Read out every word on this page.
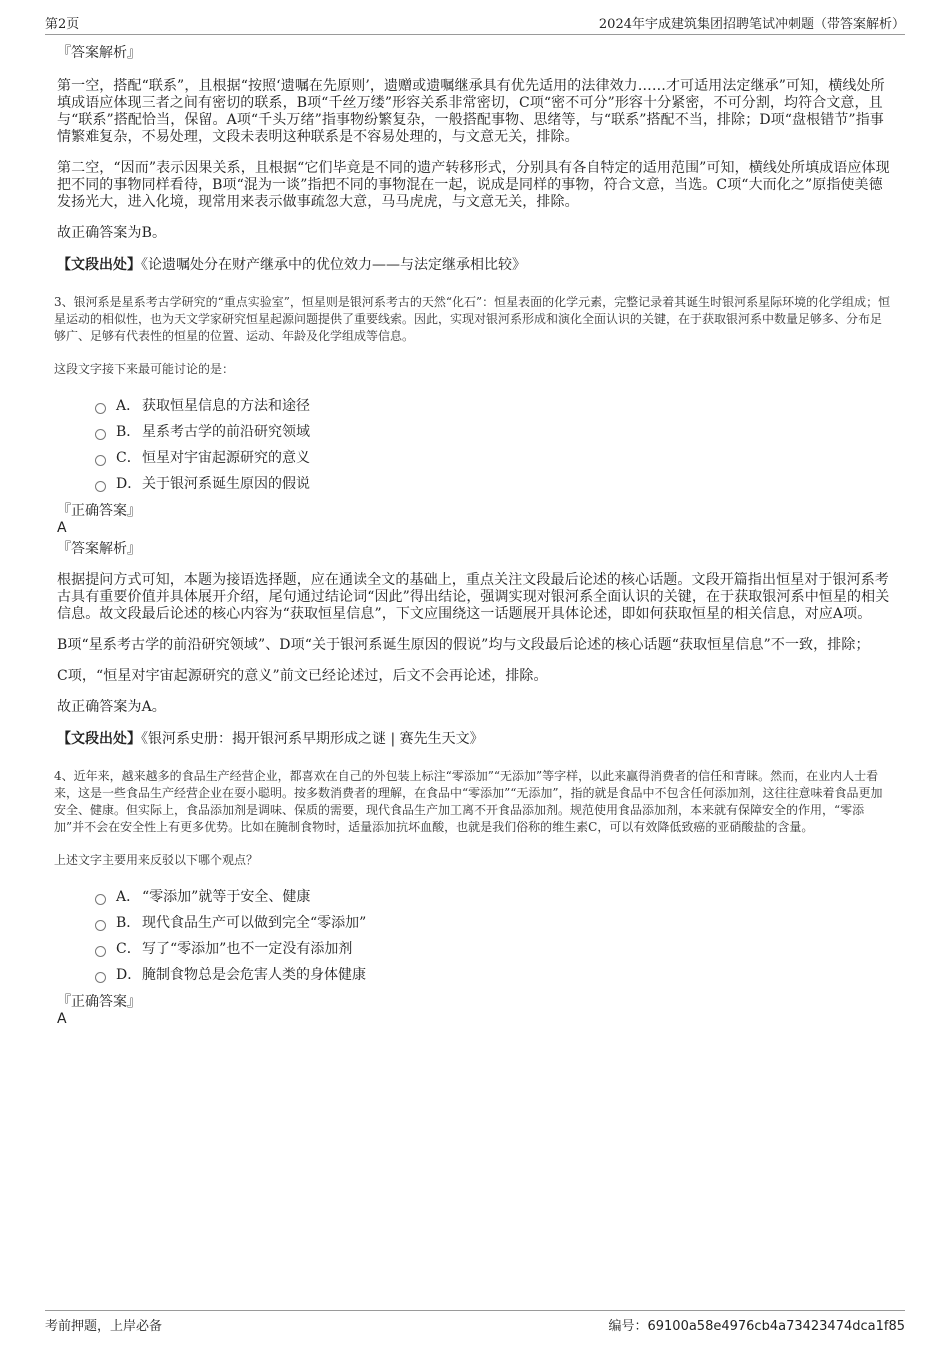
第2页	2024年宇成建筑集团招聘笔试冲刺题（带答案解析）

『答案解析』

第一空，搭配“联系”，且根据“按照‘遗嘱在先原则’，遗赠或遗嘱继承具有优先适用的法律效力……才可适用法定继承”可知，横线处所填成语应体现三者之间有密切的联系，B项“千丝万缕”形容关系非常密切，C项“密不可分”形容十分紧密，不可分割，均符合文意，且与“联系”搭配恰当，保留。A项“千头万绪”指事物纷繁复杂，一般搭配事物、思绪等，与“联系”搭配不当，排除；D项“盘根错节”指事情繁难复杂，不易处理，文段未表明这种联系是不容易处理的，与文意无关，排除。

第二空，“因而”表示因果关系，且根据“它们毕竟是不同的遗产转移形式，分别具有各自特定的适用范围”可知，横线处所填成语应体现把不同的事物同样看待，B项“混为一谈”指把不同的事物混在一起，说成是同样的事物，符合文意，当选。C项“大而化之”原指使美德发扬光大，进入化境，现常用来表示做事疏忽大意，马马虎虎，与文意无关，排除。

故正确答案为B。

【文段出处】《论遗嘱处分在财产继承中的优位效力——与法定继承相比较》

3、银河系是星系考古学研究的“重点实验室”，恒星则是银河系考古的天然“化石”：恒星表面的化学元素，完整记录着其诞生时银河系星际环境的化学组成；恒星运动的相似性，也为天文学家研究恒星起源问题提供了重要线索。因此，实现对银河系形成和演化全面认识的关键，在于获取银河系中数量足够多、分布足够广、足够有代表性的恒星的位置、运动、年龄及化学组成等信息。

这段文字接下来最可能讨论的是：

A． 获取恒星信息的方法和途径
B． 星系考古学的前沿研究领域
C． 恒星对宇宙起源研究的意义
D． 关于银河系诞生原因的假说

『正确答案』

A

『答案解析』

根据提问方式可知，本题为接语选择题，应在通读全文的基础上，重点关注文段最后论述的核心话题。文段开篇指出恒星对于银河系考古具有重要价值并具体展开介绍，尾句通过结论词“因此”得出结论，强调实现对银河系全面认识的关键，在于获取银河系中恒星的相关信息。故文段最后论述的核心内容为“获取恒星信息”，下文应围绕这一话题展开具体论述，即如何获取恒星的相关信息，对应A项。

B项“星系考古学的前沿研究领域”、D项“关于银河系诞生原因的假说”均与文段最后论述的核心话题“获取恒星信息”不一致，排除；

C项，“恒星对宇宙起源研究的意义”前文已经论述过，后文不会再论述，排除。

故正确答案为A。

【文段出处】《银河系史册：揭开银河系早期形成之谜 | 赛先生天文》

4、近年来，越来越多的食品生产经营企业，都喜欢在自己的外包装上标注“零添加”“无添加”等字样，以此来赢得消费者的信任和青睐。然而，在业内人士看来，这是一些食品生产经营企业在耍小聪明。按多数消费者的理解，在食品中“零添加”“无添加”，指的就是食品中不包含任何添加剂，这往往意味着食品更加安全、健康。但实际上，食品添加剂是调味、保质的需要，现代食品生产加工离不开食品添加剂。规范使用食品添加剂，本来就有保障安全的作用，“零添加”并不会在安全性上有更多优势。比如在腌制食物时，适量添加抗坏血酸，也就是我们俗称的维生素C，可以有效降低致癌的亚硝酸盐的含量。

上述文字主要用来反驳以下哪个观点？

A． “零添加”就等于安全、健康
B． 现代食品生产可以做到完全“零添加”
C． 写了“零添加”也不一定没有添加剂
D． 腌制食物总是会危害人类的身体健康

『正确答案』

A

考前押题，上岸必备	编号：69100a58e4976cb4a73423474dca1f85
